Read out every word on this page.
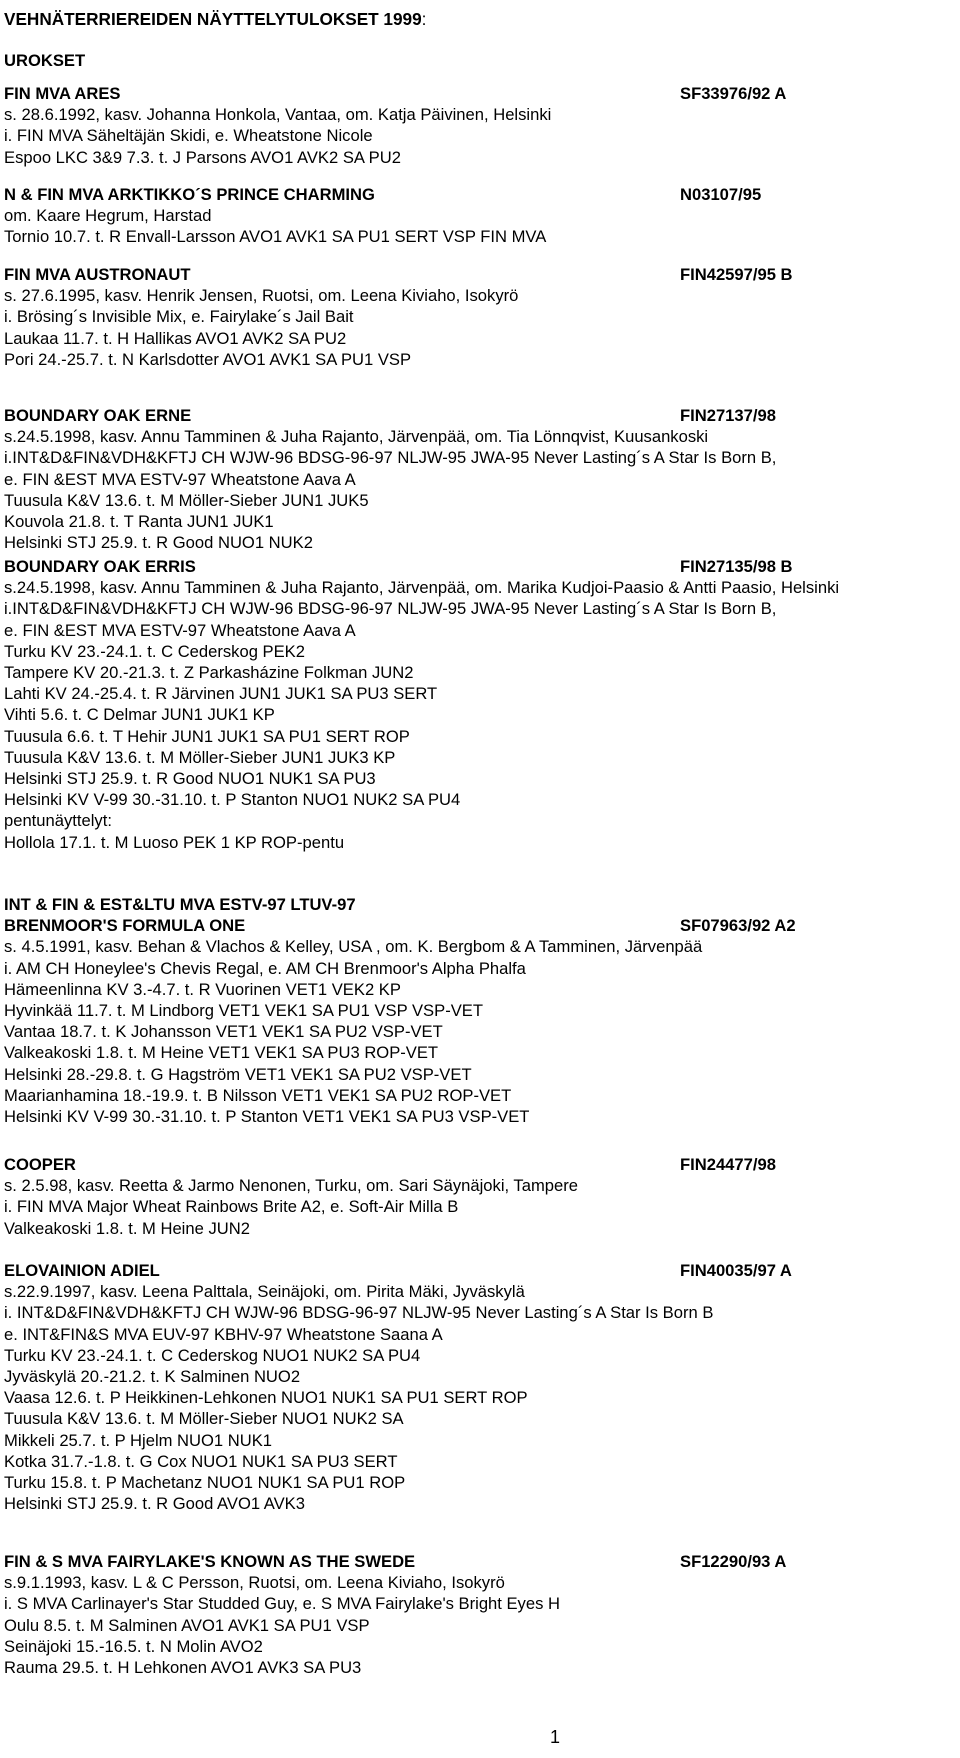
VEHNÄTERRIEREIDEN NÄYTTELYTULOKSET 1999:
UROKSET
FIN MVA ARES	SF33976/92 A
s. 28.6.1992, kasv. Johanna Honkola, Vantaa, om. Katja Päivinen, Helsinki
i. FIN MVA Säheltäjän Skidi, e. Wheatstone Nicole
Espoo LKC 3&9 7.3. t. J Parsons AVO1 AVK2 SA PU2
N & FIN MVA ARKTIKKO´S PRINCE CHARMING	N03107/95
om. Kaare Hegrum, Harstad
Tornio 10.7. t. R Envall-Larsson AVO1 AVK1 SA PU1 SERT VSP FIN MVA
FIN MVA AUSTRONAUT	FIN42597/95 B
s. 27.6.1995, kasv. Henrik Jensen, Ruotsi, om. Leena Kiviaho, Isokyrö
i. Brösing´s Invisible Mix, e. Fairylake´s Jail Bait
Laukaa 11.7. t. H Hallikas AVO1 AVK2 SA PU2
Pori 24.-25.7. t. N Karlsdotter AVO1 AVK1 SA PU1 VSP
BOUNDARY OAK ERNE	FIN27137/98
s.24.5.1998, kasv. Annu Tamminen & Juha Rajanto, Järvenpää, om. Tia Lönnqvist, Kuusankoski
i.INT&D&FIN&VDH&KFTJ CH WJW-96 BDSG-96-97 NLJW-95 JWA-95 Never Lasting´s A Star Is Born B,
e. FIN &EST MVA ESTV-97 Wheatstone Aava A
Tuusula K&V 13.6. t. M Möller-Sieber JUN1 JUK5
Kouvola 21.8. t. T Ranta JUN1 JUK1
Helsinki STJ 25.9. t. R Good NUO1 NUK2
BOUNDARY OAK ERRIS	FIN27135/98 B
s.24.5.1998, kasv. Annu Tamminen & Juha Rajanto, Järvenpää, om. Marika Kudjoi-Paasio & Antti Paasio, Helsinki
i.INT&D&FIN&VDH&KFTJ CH WJW-96 BDSG-96-97 NLJW-95 JWA-95 Never Lasting´s A Star Is Born B,
e. FIN &EST MVA ESTV-97 Wheatstone Aava A
Turku KV 23.-24.1. t. C Cederskog PEK2
Tampere KV 20.-21.3. t. Z Parkasházine Folkman JUN2
Lahti KV 24.-25.4. t. R Järvinen JUN1 JUK1 SA PU3 SERT
Vihti 5.6. t. C Delmar JUN1 JUK1 KP
Tuusula 6.6. t. T Hehir JUN1 JUK1 SA PU1 SERT ROP
Tuusula K&V 13.6. t. M Möller-Sieber JUN1 JUK3 KP
Helsinki STJ 25.9. t. R Good NUO1 NUK1 SA PU3
Helsinki KV V-99 30.-31.10. t. P Stanton NUO1 NUK2 SA PU4
pentunäyttelyt:
Hollola 17.1. t. M Luoso PEK 1 KP ROP-pentu
INT & FIN & EST&LTU MVA ESTV-97 LTUV-97
BRENMOOR'S FORMULA ONE	SF07963/92 A2
s. 4.5.1991, kasv. Behan & Vlachos & Kelley, USA , om. K. Bergbom & A Tamminen, Järvenpää
i. AM CH Honeylee's Chevis Regal, e. AM CH Brenmoor's Alpha Phalfa
Hämeenlinna KV 3.-4.7. t. R Vuorinen VET1 VEK2 KP
Hyvinkää 11.7. t. M Lindborg VET1 VEK1 SA PU1 VSP VSP-VET
Vantaa 18.7. t. K Johansson VET1 VEK1 SA PU2 VSP-VET
Valkeakoski 1.8. t. M Heine VET1 VEK1 SA PU3 ROP-VET
Helsinki 28.-29.8. t. G Hagström VET1 VEK1 SA PU2 VSP-VET
Maarianhamina 18.-19.9. t. B Nilsson VET1 VEK1 SA PU2 ROP-VET
Helsinki KV V-99 30.-31.10. t. P Stanton VET1 VEK1 SA PU3 VSP-VET
COOPER	FIN24477/98
s. 2.5.98, kasv. Reetta & Jarmo Nenonen, Turku, om. Sari Säynäjoki, Tampere
i. FIN MVA Major Wheat Rainbows Brite A2, e. Soft-Air Milla B
Valkeakoski 1.8. t. M Heine JUN2
ELOVAINION ADIEL	FIN40035/97 A
s.22.9.1997, kasv. Leena Palttala, Seinäjoki, om. Pirita Mäki, Jyväskylä
i. INT&D&FIN&VDH&KFTJ CH WJW-96 BDSG-96-97 NLJW-95 Never Lasting´s A Star Is Born B
e. INT&FIN&S MVA EUV-97 KBHV-97 Wheatstone Saana A
Turku KV 23.-24.1. t. C Cederskog NUO1 NUK2 SA PU4
Jyväskylä 20.-21.2. t. K Salminen NUO2
Vaasa 12.6. t. P Heikkinen-Lehkonen NUO1 NUK1 SA PU1 SERT ROP
Tuusula K&V 13.6. t. M Möller-Sieber NUO1 NUK2 SA
Mikkeli 25.7. t. P Hjelm NUO1 NUK1
Kotka 31.7.-1.8. t. G Cox NUO1 NUK1 SA PU3 SERT
Turku 15.8. t. P Machetanz NUO1 NUK1 SA PU1 ROP
Helsinki STJ 25.9. t. R Good AVO1 AVK3
FIN & S MVA FAIRYLAKE'S KNOWN AS THE SWEDE	SF12290/93 A
s.9.1.1993, kasv. L & C Persson, Ruotsi, om. Leena Kiviaho, Isokyrö
i. S MVA Carlinayer's Star Studded Guy, e. S MVA Fairylake's Bright Eyes H
Oulu 8.5. t. M Salminen AVO1 AVK1 SA PU1 VSP
Seinäjoki 15.-16.5. t. N Molin AVO2
Rauma 29.5. t. H Lehkonen AVO1 AVK3 SA PU3
1
